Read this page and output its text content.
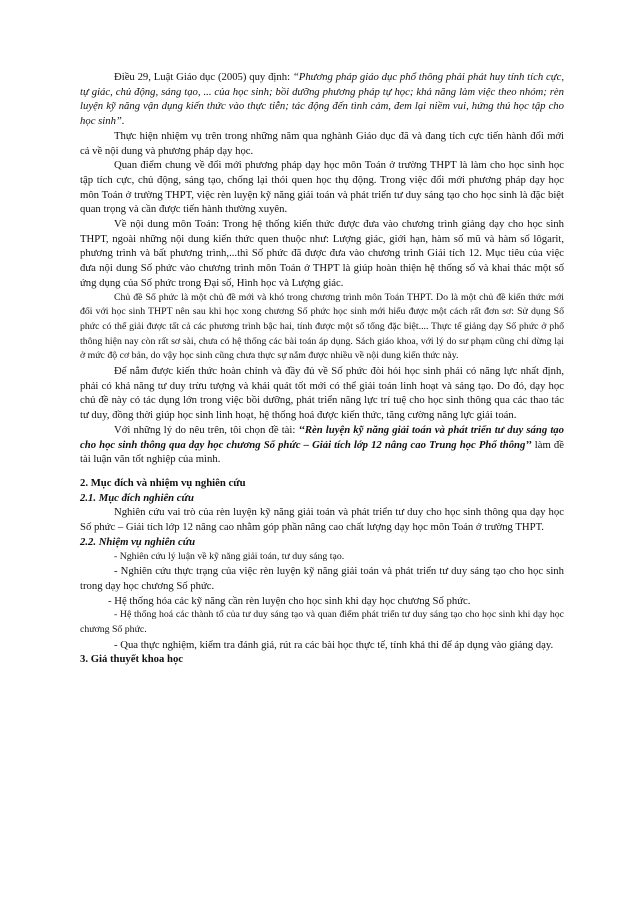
Điều 29, Luật Giáo dục (2005) quy định: “Phương pháp giáo dục phổ thông phải phát huy tính tích cực, tự giác, chủ động, sáng tạo, ... của học sinh; bồi dưỡng phương pháp tự học; khả năng làm việc theo nhóm; rèn luyện kỹ năng vận dụng kiến thức vào thực tiễn; tác động đến tình cảm, đem lại niềm vui, hứng thú học tập cho học sinh”.

Thực hiện nhiệm vụ trên trong những năm qua nghành Giáo dục đã và đang tích cực tiến hành đổi mới cả về nội dung và phương pháp dạy học.

Quan điểm chung về đổi mới phương pháp dạy học môn Toán ở trường THPT là làm cho học sinh học tập tích cực, chủ động, sáng tạo, chống lại thói quen học thụ động. Trong việc đổi mới phương pháp dạy học môn Toán ở trường THPT, việc rèn luyện kỹ năng giải toán và phát triển tư duy sáng tạo cho học sinh là đặc biệt quan trọng và cần được tiến hành thường xuyên.

Về nội dung môn Toán: Trong hệ thống kiến thức được đưa vào chương trình giảng dạy cho học sinh THPT, ngoài những nội dung kiến thức quen thuộc như: Lượng giác, giới hạn, hàm số mũ và hàm số lôgarit, phương trình và bất phương trình,...thì Số phức đã được đưa vào chương trình Giải tích 12. Mục tiêu của việc đưa nội dung Số phức vào chương trình môn Toán ở THPT là giúp hoàn thiện hệ thống số và khai thác một số ứng dụng của Số phức trong Đại số, Hình học và Lượng giác.

Chủ đề Số phức là một chủ đề mới và khó trong chương trình môn Toán THPT. Do là một chủ đề kiến thức mới đối với học sinh THPT nên sau khi học xong chương Số phức học sinh mới hiểu được một cách rất đơn sơ: Sử dụng Số phức có thể giải được tất cả các phương trình bậc hai, tính được một số tổng đặc biệt.... Thực tế giảng dạy Số phức ở phổ thông hiện nay còn rất sơ sài, chưa có hệ thống các bài toán áp dụng. Sách giáo khoa, với lý do sư phạm cũng chỉ dừng lại ở mức độ cơ bản, do vậy học sinh cũng chưa thực sự nắm được nhiều về nội dung kiến thức này.

Để nắm được kiến thức hoàn chỉnh và đầy đủ về Số phức đòi hỏi học sinh phải có năng lực nhất định, phải có khả năng tư duy trừu tượng và khái quát tốt mới có thể giải toán linh hoạt và sáng tạo. Do đó, dạy học chủ đề này có tác dụng lớn trong việc bồi dưỡng, phát triển năng lực trí tuệ cho học sinh thông qua các thao tác tư duy, đồng thời giúp học sinh linh hoạt, hệ thống hoá được kiến thức, tăng cường năng lực giải toán.

Với những lý do nêu trên, tôi chọn đề tài: ‘‘Rèn luyện kỹ năng giải toán và phát triển tư duy sáng tạo cho học sinh thông qua dạy học chương Số phức – Giải tích lớp 12 nâng cao Trung học Phổ thông’’ làm đề tài luận văn tốt nghiệp của mình.

2. Mục đích và nhiệm vụ nghiên cứu

2.1. Mục đích nghiên cứu

Nghiên cứu vai trò của rèn luyện kỹ năng giải toán và phát triển tư duy cho học sinh thông qua dạy học Số phức – Giải tích lớp 12 nâng cao nhằm góp phần nâng cao chất lượng dạy học môn Toán ở trường THPT.

2.2. Nhiệm vụ nghiên cứu

- Nghiên cứu lý luận về kỹ năng giải toán, tư duy sáng tạo.

- Nghiên cứu thực trạng của việc rèn luyện kỹ năng giải toán và phát triển tư duy sáng tạo cho học sinh trong dạy học chương Số phức.

- Hệ thống hóa các kỹ năng cần rèn luyện cho học sinh khi dạy học chương Số phức.

- Hệ thống hoá các thành tố của tư duy sáng tạo và quan điểm phát triển tư duy sáng tạo cho học sinh khi dạy học chương Số phức.

- Qua thực nghiệm, kiểm tra đánh giá, rút ra các bài học thực tế, tính khả thi để áp dụng vào giảng dạy.

3. Giả thuyết khoa học
